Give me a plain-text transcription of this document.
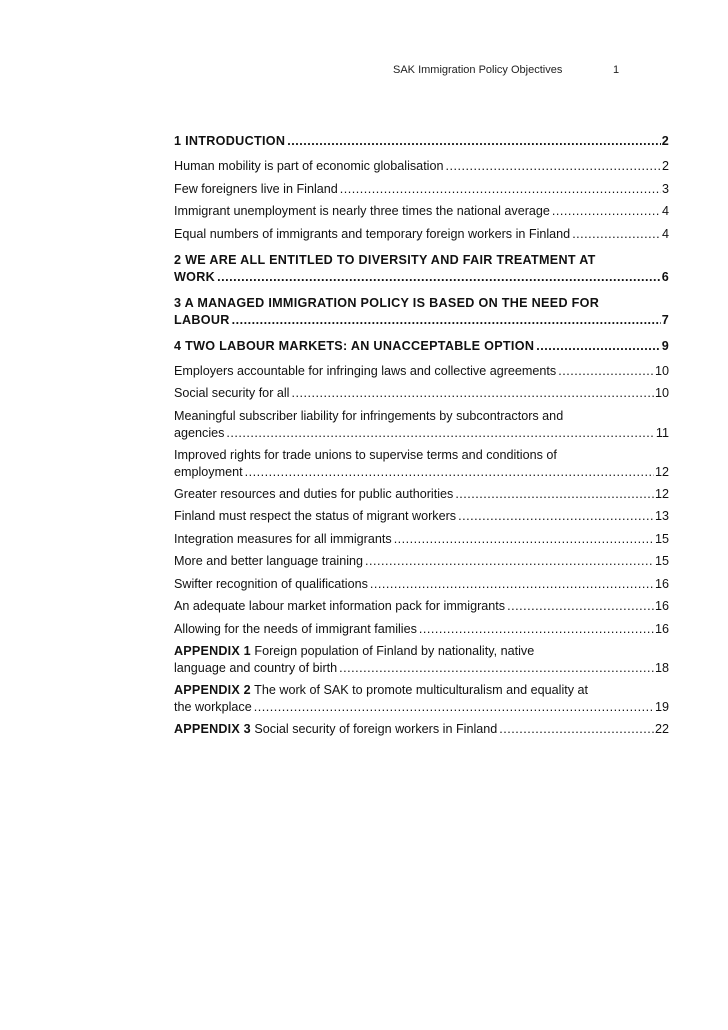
SAK Immigration Policy Objectives	1
1 INTRODUCTION .....	2
Human mobility is part of economic globalisation .....	2
Few foreigners live in Finland .....	3
Immigrant unemployment is nearly three times the national average .....	4
Equal numbers of immigrants and temporary foreign workers in Finland .....	4
2 WE ARE ALL ENTITLED TO DIVERSITY AND FAIR TREATMENT AT
WORK .....	6
3 A MANAGED IMMIGRATION POLICY IS BASED ON THE NEED FOR
LABOUR .....	7
4 TWO LABOUR MARKETS: AN UNACCEPTABLE OPTION .....	9
Employers accountable for infringing laws and collective agreements .....	10
Social security for all .....	10
Meaningful subscriber liability for infringements by subcontractors and
agencies .....	11
Improved rights for trade unions to supervise terms and conditions of
employment .....	12
Greater resources and duties for public authorities .....	12
Finland must respect the status of migrant workers .....	13
Integration measures for all immigrants .....	15
More and better language training .....	15
Swifter recognition of qualifications .....	16
An adequate labour market information pack for immigrants .....	16
Allowing for the needs of immigrant families .....	16
APPENDIX 1 Foreign population of Finland by nationality, native
language and country of birth .....	18
APPENDIX 2 The work of SAK to promote multiculturalism and equality at
the workplace .....	19
APPENDIX 3 Social security of foreign workers in Finland .....	22
